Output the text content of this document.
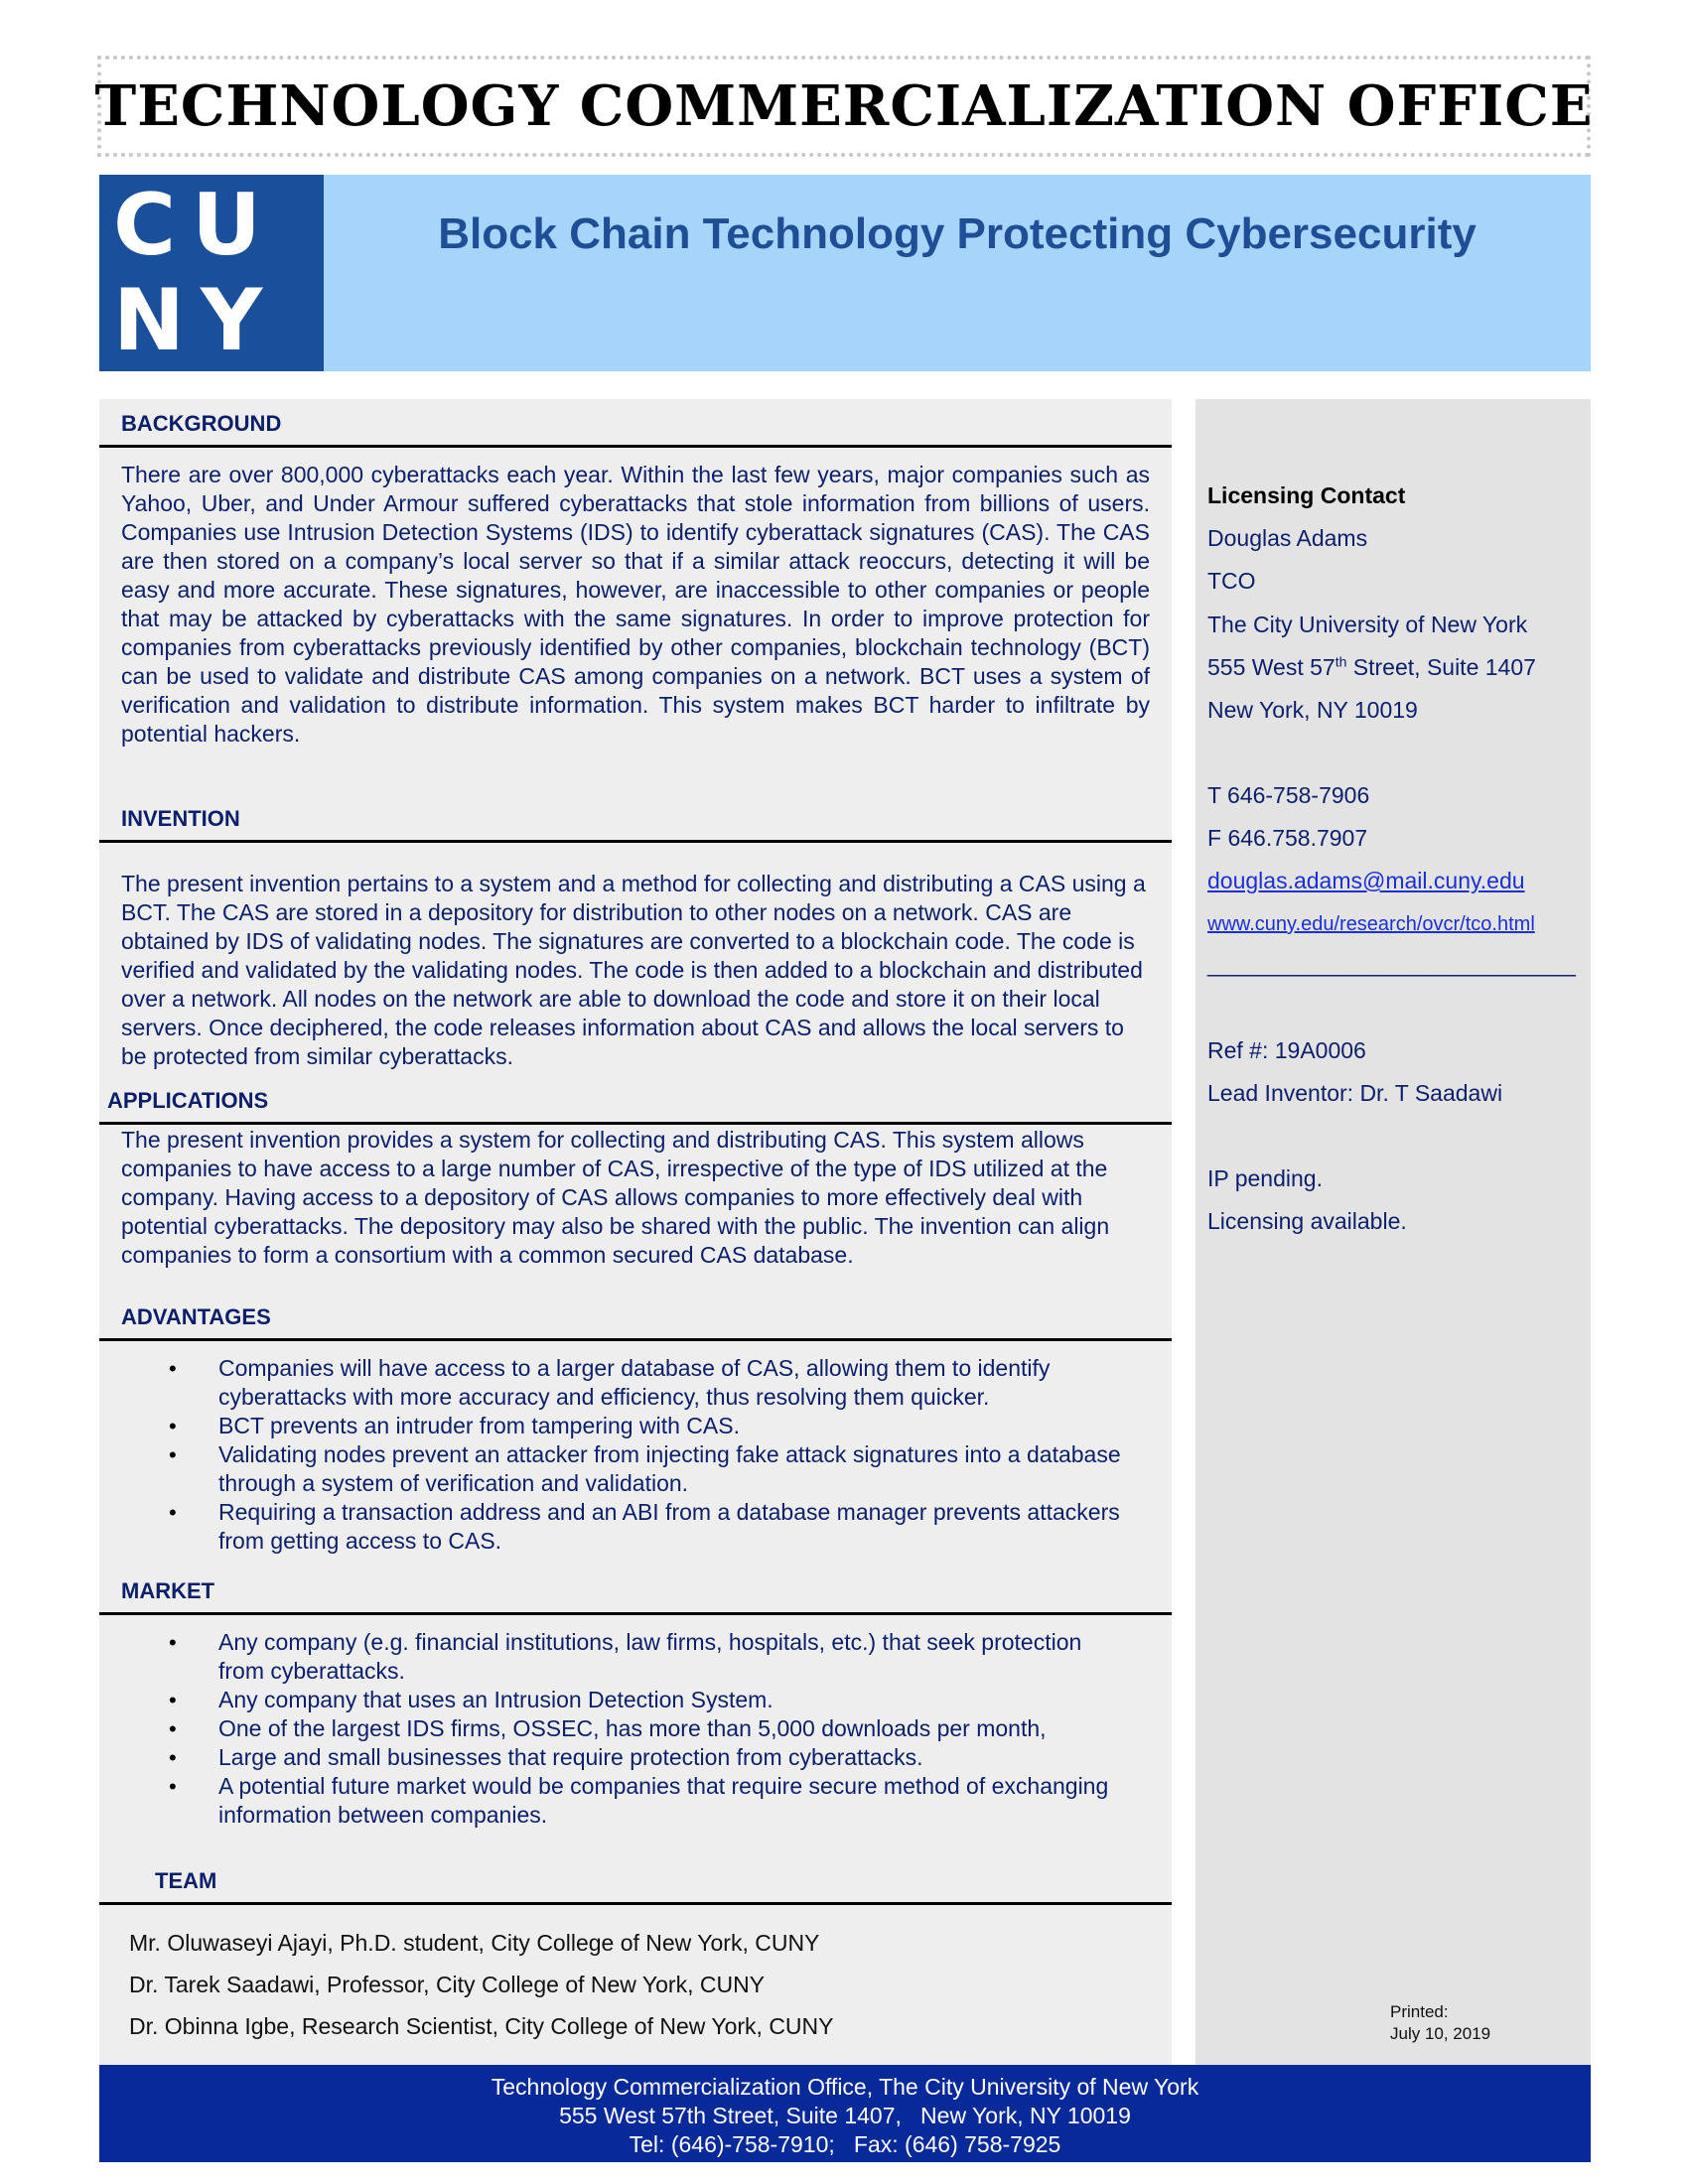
TECHNOLOGY COMMERCIALIZATION OFFICE
CU
NY
Block Chain Technology Protecting Cybersecurity
BACKGROUND
There are over 800,000 cyberattacks each year. Within the last few years, major companies such as Yahoo, Uber, and Under Armour suffered cyberattacks that stole information from billions of users. Companies use Intrusion Detection Systems (IDS) to identify cyberattack signatures (CAS). The CAS are then stored on a company’s local server so that if a similar attack reoccurs, detecting it will be easy and more accurate. These signatures, however, are inaccessible to other companies or people that may be attacked by cyberattacks with the same signatures. In order to improve protection for companies from cyberattacks previously identified by other companies, blockchain technology (BCT) can be used to validate and distribute CAS among companies on a network. BCT uses a system of verification and validation to distribute information. This system makes BCT harder to infiltrate by potential hackers.
INVENTION
The present invention pertains to a system and a method for collecting and distributing a CAS using a BCT. The CAS are stored in a depository for distribution to other nodes on a network. CAS are obtained by IDS of validating nodes. The signatures are converted to a blockchain code. The code is verified and validated by the validating nodes. The code is then added to a blockchain and distributed over a network. All nodes on the network are able to download the code and store it on their local servers. Once deciphered, the code releases information about CAS and allows the local servers to be protected from similar cyberattacks.
APPLICATIONS
The present invention provides a system for collecting and distributing CAS. This system allows companies to have access to a large number of CAS, irrespective of the type of IDS utilized at the company. Having access to a depository of CAS allows companies to more effectively deal with potential cyberattacks. The depository may also be shared with the public. The invention can align companies to form a consortium with a common secured CAS database.
ADVANTAGES
• Companies will have access to a larger database of CAS, allowing them to identify cyberattacks with more accuracy and efficiency, thus resolving them quicker.
• BCT prevents an intruder from tampering with CAS.
• Validating nodes prevent an attacker from injecting fake attack signatures into a database through a system of verification and validation.
• Requiring a transaction address and an ABI from a database manager prevents attackers from getting access to CAS.
MARKET
• Any company (e.g. financial institutions, law firms, hospitals, etc.) that seek protection from cyberattacks.
• Any company that uses an Intrusion Detection System.
• One of the largest IDS firms, OSSEC, has more than 5,000 downloads per month,
• Large and small businesses that require protection from cyberattacks.
• A potential future market would be companies that require secure method of exchanging information between companies.
TEAM
Mr. Oluwaseyi Ajayi, Ph.D. student, City College of New York, CUNY
Dr. Tarek Saadawi, Professor, City College of New York, CUNY
Dr. Obinna Igbe, Research Scientist, City College of New York, CUNY
Licensing Contact
Douglas Adams
TCO
The City University of New York
555 West 57th Street, Suite 1407
New York, NY 10019
T 646-758-7906
F 646.758.7907
douglas.adams@mail.cuny.edu
www.cuny.edu/research/ovcr/tco.html
_____________________________
Ref #: 19A0006
Lead Inventor: Dr. T Saadawi
IP pending.
Licensing available.
Printed:
July 10, 2019
Technology Commercialization Office, The City University of New York
555 West 57th Street, Suite 1407,   New York, NY 10019
Tel: (646)-758-7910;   Fax: (646) 758-7925
